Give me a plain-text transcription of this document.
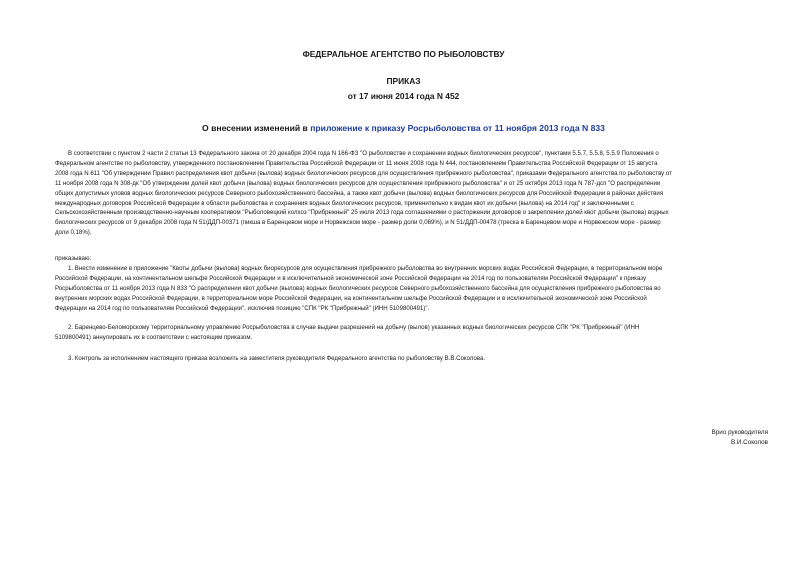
ФЕДЕРАЛЬНОЕ АГЕНТСТВО ПО РЫБОЛОВСТВУ
ПРИКАЗ
от 17 июня 2014 года N 452
О внесении изменений в приложение к приказу Росрыболовства от 11 ноября 2013 года N 833
В соответствии с пунктом 2 части 2 статьи 13 Федерального закона от 20 декабря 2004 года N 166-ФЗ "О рыболовстве и сохранении водных биологических ресурсов", пунктами 5.5.7, 5.5.8, 5.5.9 Положения о
Федеральном агентстве по рыболовству, утвержденного постановлением Правительства Российской Федерации от 11 июня 2008 года N 444, постановлением Правительства Российской Федерации от 15 августа
2008 года N 611 "Об утверждении Правил распределения квот добычи (вылова) водных биологических ресурсов для осуществления прибрежного рыболовства", приказами Федерального агентства по рыболовству от
11 ноября 2008 года N 308-дк "Об утверждении долей квот добычи (вылова) водных биологических ресурсов для осуществления прибрежного рыболовства" и от 25 октября 2013 года N 787-дсп "О распределении
общих допустимых уловов водных биологических ресурсов Северного рыбохозяйственного бассейна, а также квот добычи (вылова) водных биологических ресурсов для Российской Федерации в районах действия
международных договоров Российской Федерации в области рыболовства и сохранения водных биологических ресурсов, применительно к видам квот их добычи (вылова) на 2014 год" и заключенными с
Сельскохозяйственным производственно-научным кооперативом "Рыболовецкий колхоз "Прибрежный" 25 июля 2013 года соглашениями о расторжении договоров о закреплении долей квот добычи (вылова) водных
биологических ресурсов от 9 декабря 2008 года N 51/ДДП-00371 (пикша в Баренцевом море и Норвежском море - размер доли 0,069%), и N 51/ДДП-00478 (треска в Баренцевом море и Норвежском море - размер
доли 0,18%),
приказываю:
1. Внести изменение в приложение "Квоты добычи (вылова) водных биоресурсов для осуществления прибрежного рыболовства во внутренних морских водах Российской Федерации, в территориальном море
Российской Федерации, на континентальном шельфе Российской Федерации и в исключительной экономической зоне Российской Федерации на 2014 год по пользователям Российской Федерации" к приказу
Росрыболовства от 11 ноября 2013 года N 833 "О распределении квот добычи (вылова) водных биологических ресурсов Северного рыбохозяйственного бассейна для осуществления прибрежного рыболовства во
внутренних морских водах Российской Федерации, в территориальном море Российской Федерации, на континентальном шельфе Российской Федерации и в исключительной экономической зоне Российской
Федерации на 2014 год по пользователям Российской Федерации", исключив позицию "СПК "РК "Прибрежный" (ИНН 5109800491)".
2. Баренцево-Беломорскому территориальному управлению Росрыболовства в случае выдачи разрешений на добычу (вылов) указанных водных биологических ресурсов СПК "РК "Прибрежный" (ИНН
5109800491) аннулировать их в соответствии с настоящим приказом.
3. Контроль за исполнением настоящего приказа возложить на заместителя руководителя Федерального агентства по рыболовству В.В.Соколова.
Врио руководителя
В.И.Соколов
